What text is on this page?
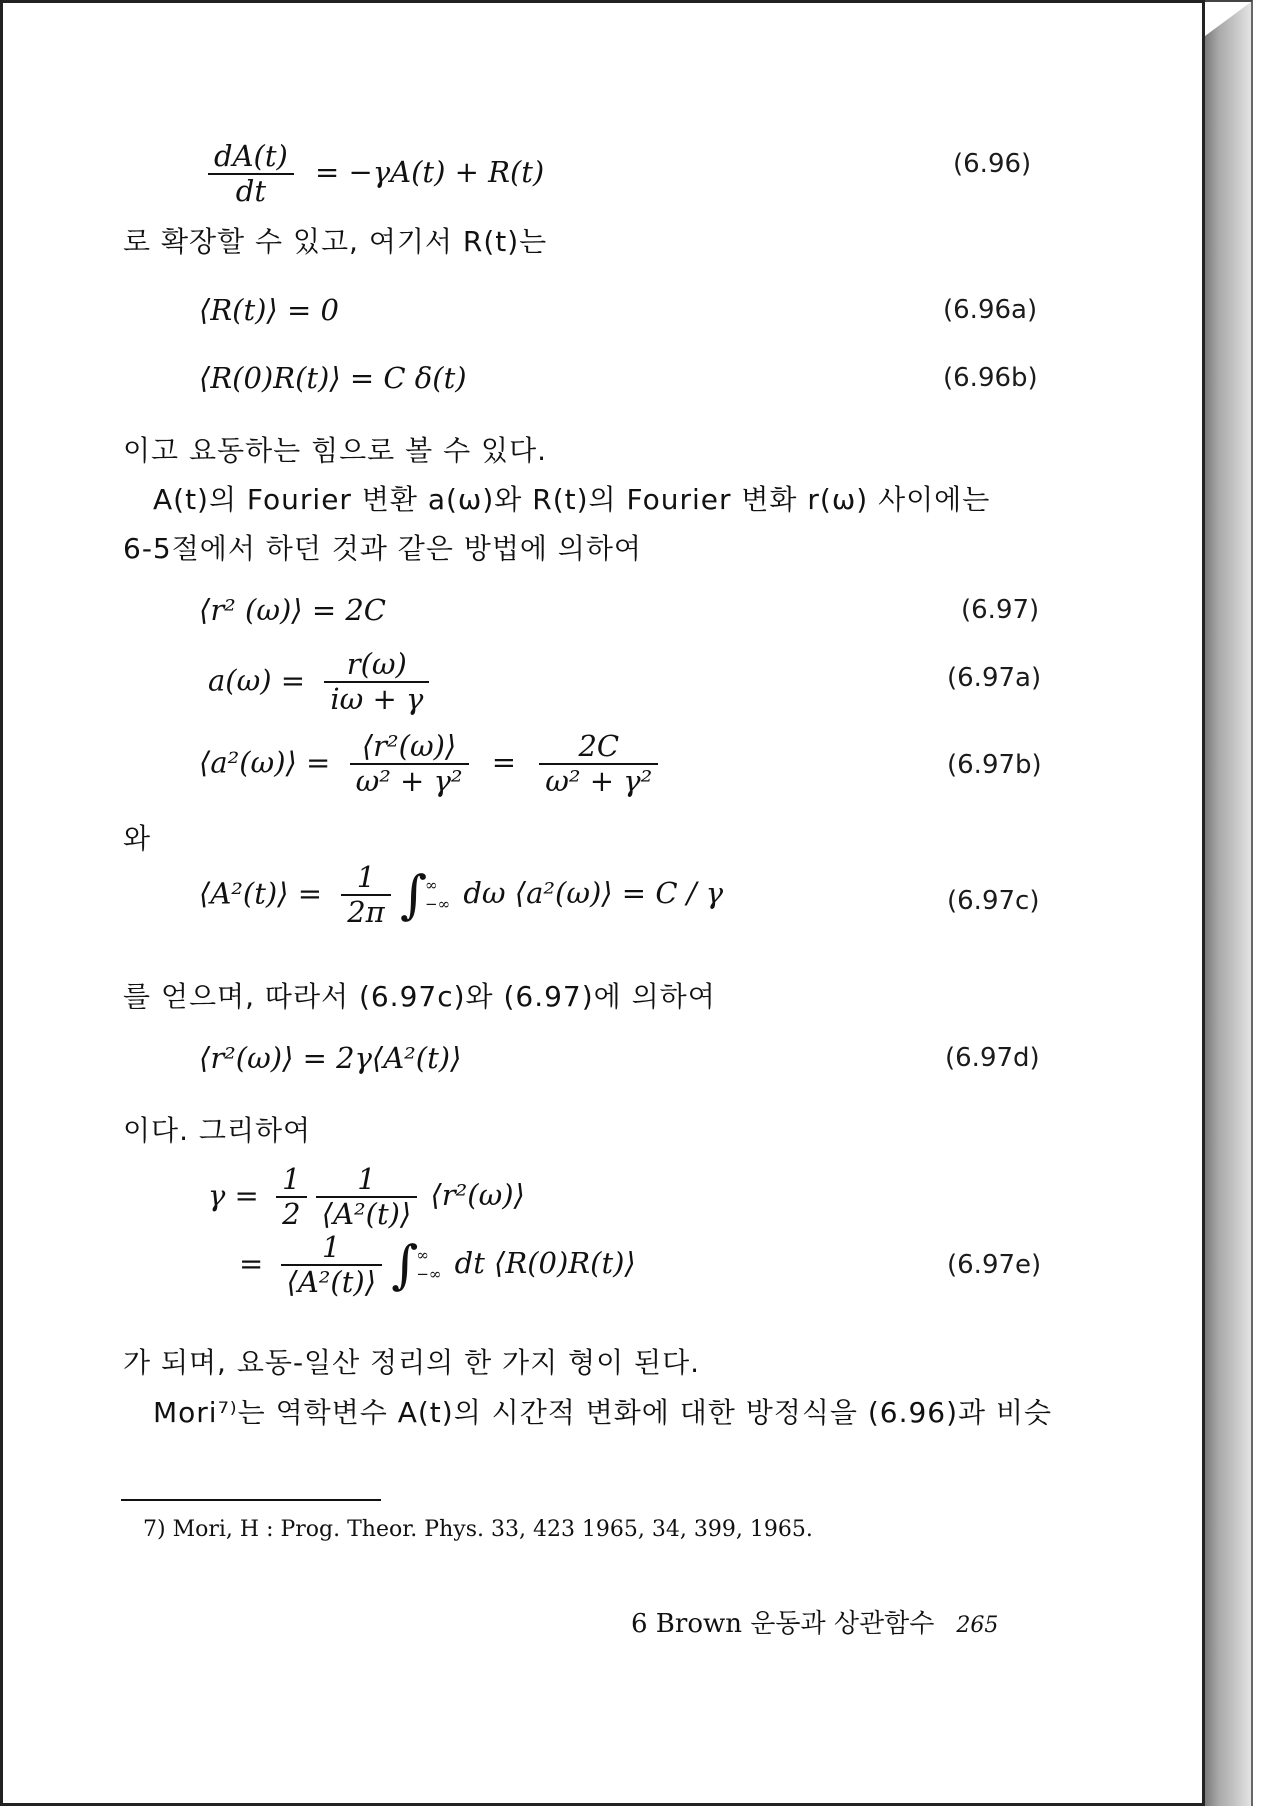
$\frac{dA(t)}{dt} = -\gamma A(t) + R(t)$	(6.96)
로 확장할 수 있고, 여기서 R(t)는
⟨R(t)⟩ = 0	(6.96a)
⟨R(0)R(t)⟩ = C δ(t)	(6.96b)
이고 요동하는 힘으로 볼 수 있다.
A(t)의 Fourier 변환 a(ω)와 R(t)의 Fourier 변화 r(ω) 사이에는
6-5절에서 하던 것과 같은 방법에 의하여
⟨r² (ω)⟩ = 2C	(6.97)
$a(\omega) = \frac{r(\omega)}{i\omega + \gamma}$	(6.97a)
⟨a²(ω)⟩ = $\frac{\text{⟨r²(ω)⟩}}{\text{ω² + γ²}} = \frac{2C}{\text{ω² + γ²}}$	(6.97b)
와
⟨A²(t)⟩ = $\frac{1}{2\pi}$ ∫
∞
−∞ dω ⟨a²(ω)⟩ = C / γ	(6.97c)
를 얻으며, 따라서 (6.97c)와 (6.97)에 의하여
⟨r²(ω)⟩ = 2γ⟨A²(t)⟩	(6.97d)
이다. 그리하여
$\gamma = \frac{1}{2}$
$\frac{1}{\text{⟨A²(t)⟩}}$ ⟨r²(ω)⟩
= $\frac{1}{\text{⟨A²(t)⟩}}$ ∫
∞
−∞ dt ⟨R(0)R(t)⟩	(6.97e)
가 되며, 요동-일산 정리의 한 가지 형이 된다.
Mori⁷⁾는 역학변수 A(t)의 시간적 변화에 대한 방정식을 (6.96)과 비슷
7) Mori, H : Prog. Theor. Phys. 33, 423 1965, 34, 399, 1965.
6 Brown 운동과 상관함수 265
